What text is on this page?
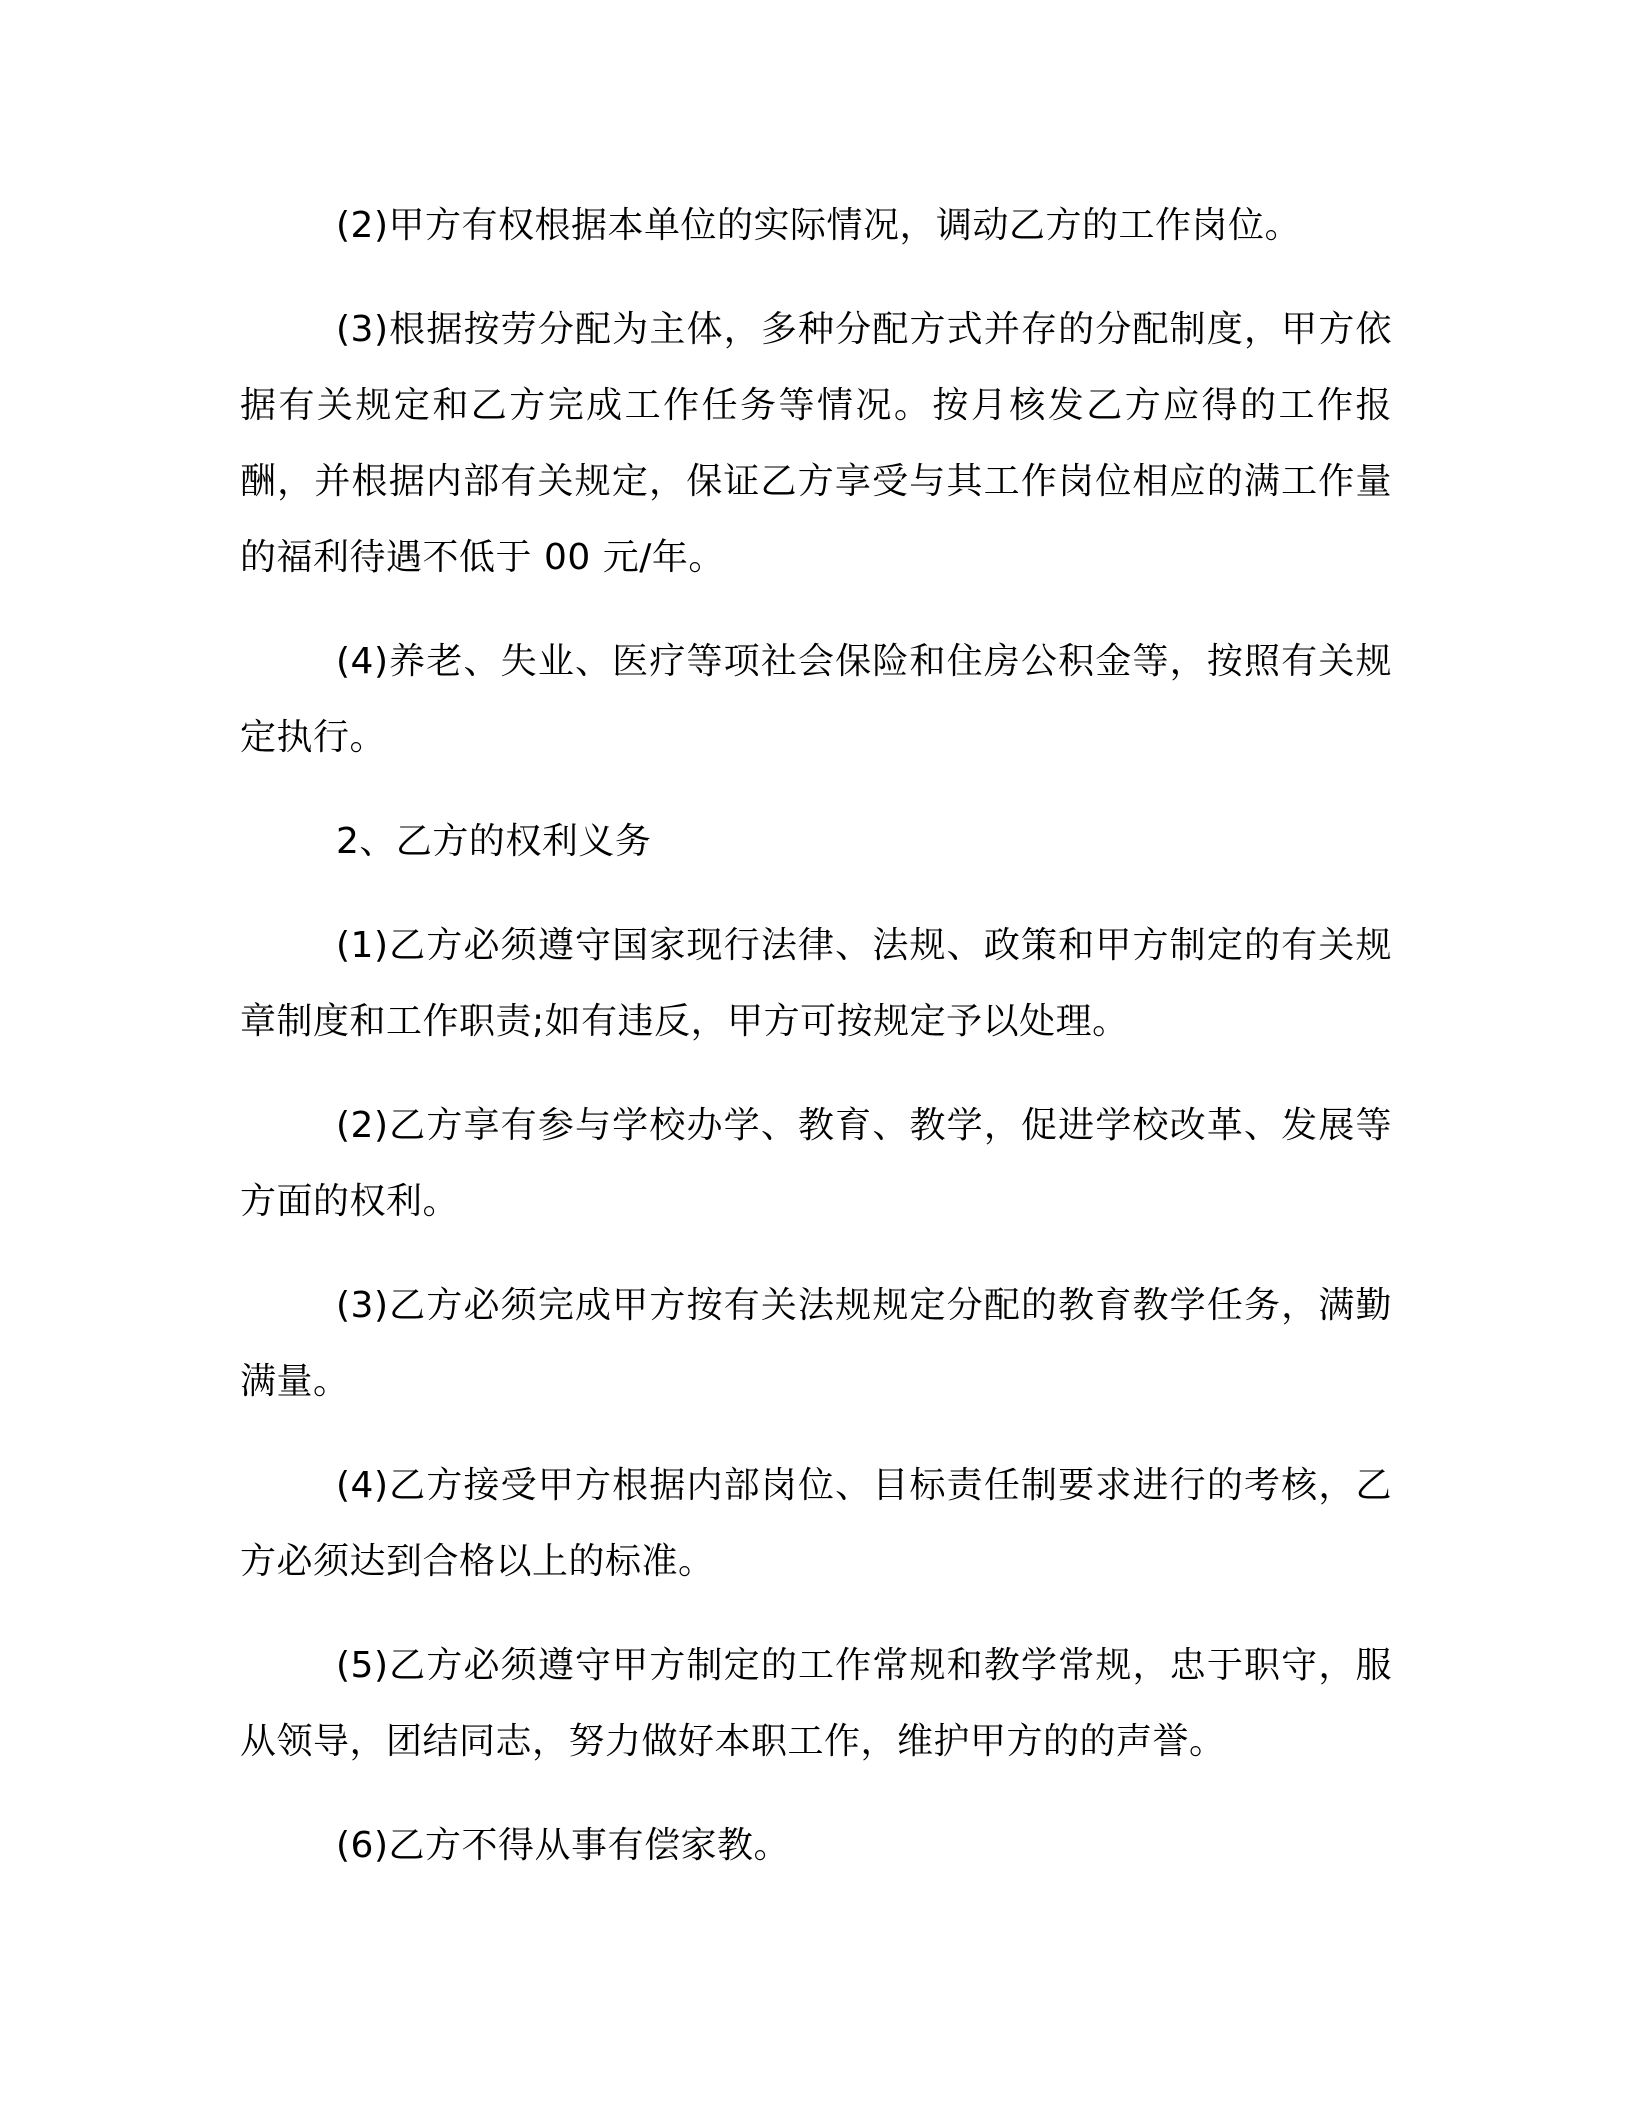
(2)甲方有权根据本单位的实际情况，调动乙方的工作岗位。

(3)根据按劳分配为主体，多种分配方式并存的分配制度，甲方依据有关规定和乙方完成工作任务等情况。按月核发乙方应得的工作报酬，并根据内部有关规定，保证乙方享受与其工作岗位相应的满工作量的福利待遇不低于 00 元/年。

(4)养老、失业、医疗等项社会保险和住房公积金等，按照有关规定执行。

2、乙方的权利义务

(1)乙方必须遵守国家现行法律、法规、政策和甲方制定的有关规章制度和工作职责;如有违反，甲方可按规定予以处理。

(2)乙方享有参与学校办学、教育、教学，促进学校改革、发展等方面的权利。

(3)乙方必须完成甲方按有关法规规定分配的教育教学任务，满勤满量。

(4)乙方接受甲方根据内部岗位、目标责任制要求进行的考核，乙方必须达到合格以上的标准。

(5)乙方必须遵守甲方制定的工作常规和教学常规，忠于职守，服从领导，团结同志，努力做好本职工作，维护甲方的的声誉。

(6)乙方不得从事有偿家教。
